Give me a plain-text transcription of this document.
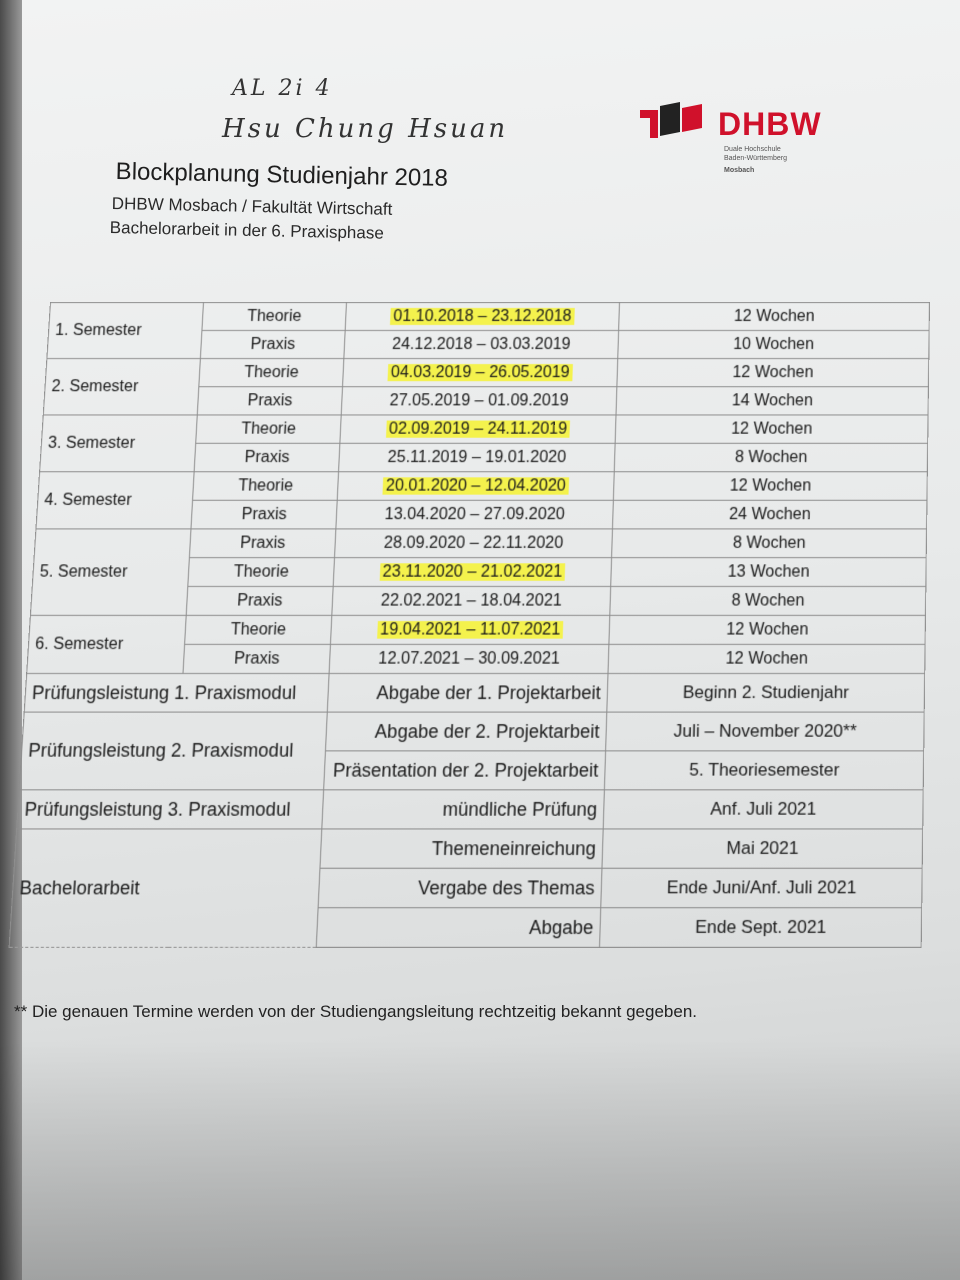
AL 2i 4
Hsu Chung Hsuan
Blockplanung Studienjahr 2018
DHBW Mosbach / Fakultät Wirtschaft
Bachelorarbeit in der 6. Praxisphase
DHBW
Duale Hochschule
Baden-Württemberg
Mosbach
1. Semester	Theorie	01.10.2018 – 23.12.2018	12 Wochen
	Praxis	24.12.2018 – 03.03.2019	10 Wochen
2. Semester	Theorie	04.03.2019 – 26.05.2019	12 Wochen
	Praxis	27.05.2019 – 01.09.2019	14 Wochen
3. Semester	Theorie	02.09.2019 – 24.11.2019	12 Wochen
	Praxis	25.11.2019 – 19.01.2020	8 Wochen
4. Semester	Theorie	20.01.2020 – 12.04.2020	12 Wochen
	Praxis	13.04.2020 – 27.09.2020	24 Wochen
5. Semester	Praxis	28.09.2020 – 22.11.2020	8 Wochen
	Theorie	23.11.2020 – 21.02.2021	13 Wochen
	Praxis	22.02.2021 – 18.04.2021	8 Wochen
6. Semester	Theorie	19.04.2021 – 11.07.2021	12 Wochen
	Praxis	12.07.2021 – 30.09.2021	12 Wochen
Prüfungsleistung 1. Praxismodul		Abgabe der 1. Projektarbeit	Beginn 2. Studienjahr
Prüfungsleistung 2. Praxismodul		Abgabe der 2. Projektarbeit	Juli – November 2020**
		Präsentation der 2. Projektarbeit	5. Theoriesemester
Prüfungsleistung 3. Praxismodul		mündliche Prüfung	Anf. Juli 2021
Bachelorarbeit		Themeneinreichung	Mai 2021
		Vergabe des Themas	Ende Juni/Anf. Juli 2021
		Abgabe	Ende Sept. 2021
** Die genauen Termine werden von der Studiengangsleitung rechtzeitig bekannt gegeben.
